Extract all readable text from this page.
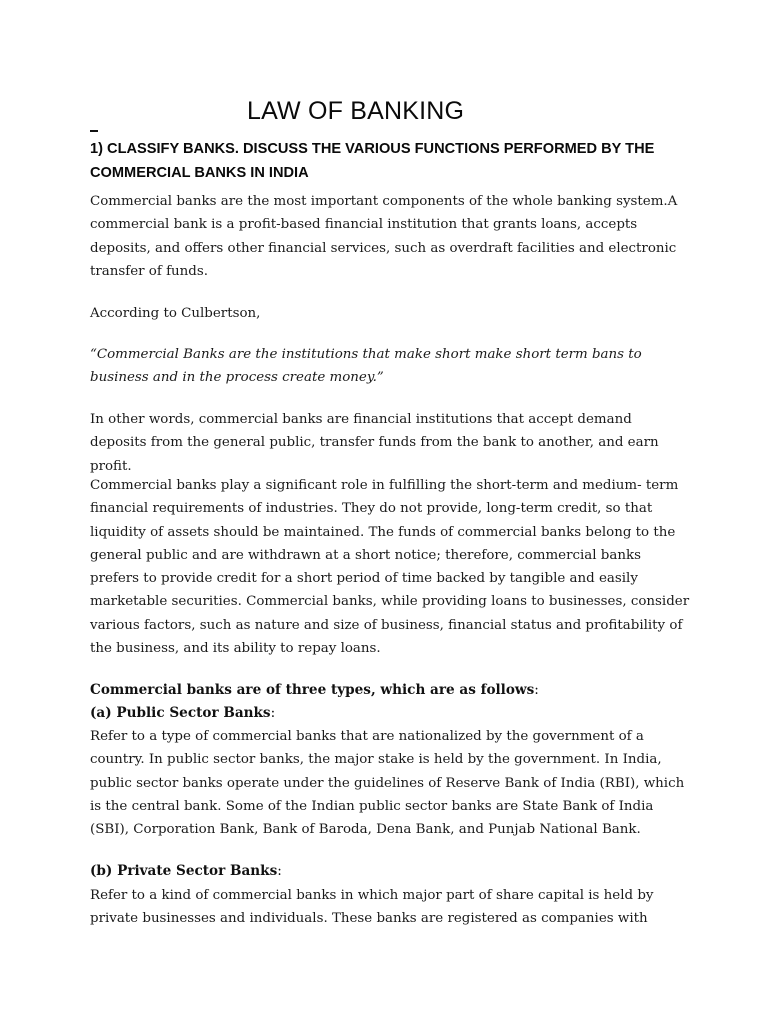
LAW OF BANKING
1) CLASSIFY BANKS. DISCUSS THE VARIOUS FUNCTIONS PERFORMED BY THE COMMERCIAL BANKS IN INDIA

Commercial banks are the most important components of the whole banking system.A commercial bank is a profit-based financial institution that grants loans, accepts deposits, and offers other financial services, such as overdraft facilities and electronic transfer of funds.

According to Culbertson,

“Commercial Banks are the institutions that make short make short term bans to business and in the process create money.”

In other words, commercial banks are financial institutions that accept demand deposits from the general public, transfer funds from the bank to another, and earn profit.

Commercial banks play a significant role in fulfilling the short-term and medium- term financial requirements of industries. They do not provide, long-term credit, so that liquidity of assets should be maintained. The funds of commercial banks belong to the general public and are withdrawn at a short notice; therefore, commercial banks prefers to provide credit for a short period of time backed by tangible and easily marketable securities. Commercial banks, while providing loans to businesses, consider various factors, such as nature and size of business, financial status and profitability of the business, and its ability to repay loans.

Commercial banks are of three types, which are as follows:
(a) Public Sector Banks:

Refer to a type of commercial banks that are nationalized by the government of a country. In public sector banks, the major stake is held by the government. In India, public sector banks operate under the guidelines of Reserve Bank of India (RBI), which is the central bank. Some of the Indian public sector banks are State Bank of India (SBI), Corporation Bank, Bank of Baroda, Dena Bank, and Punjab National Bank.

(b) Private Sector Banks:

Refer to a kind of commercial banks in which major part of share capital is held by private businesses and individuals. These banks are registered as companies with
